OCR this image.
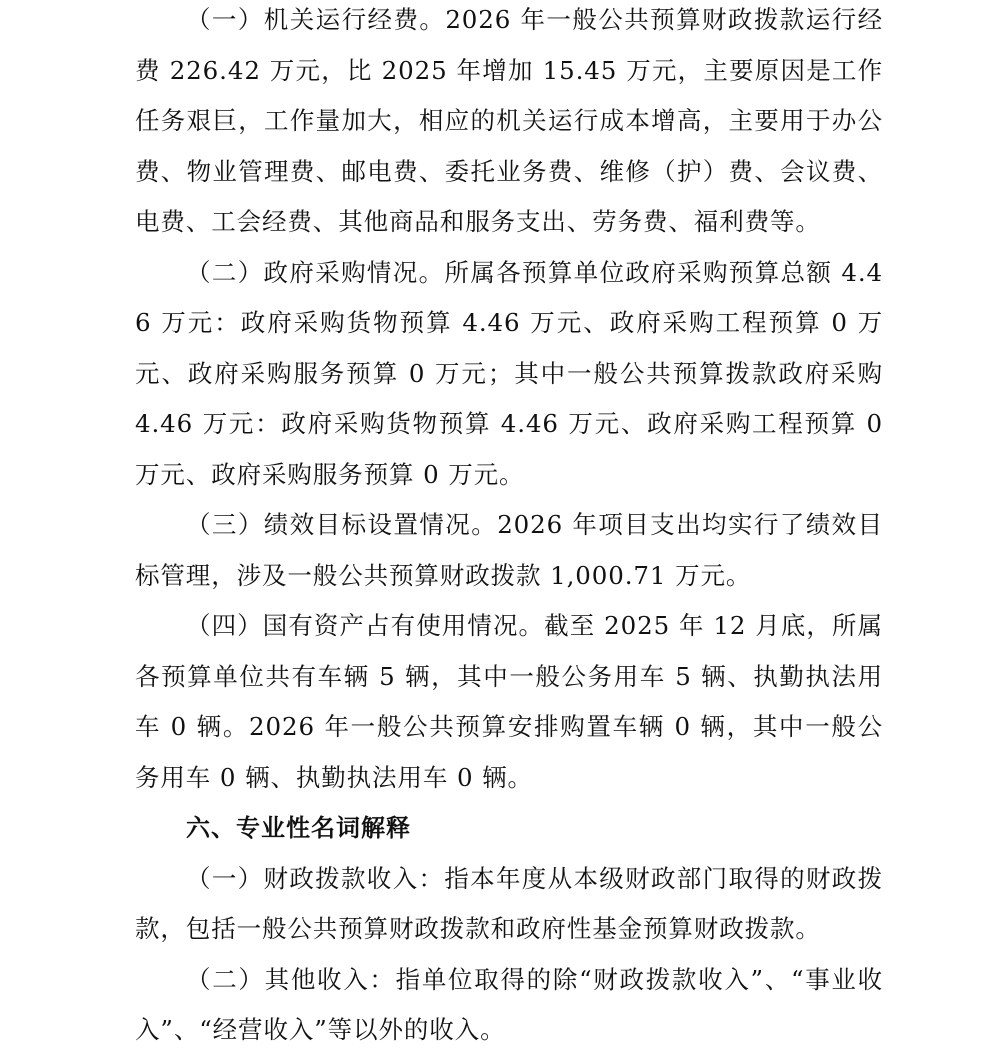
（一）机关运行经费。2026 年一般公共预算财政拨款运行经费 226.42 万元，比 2025 年增加 15.45 万元，主要原因是工作任务艰巨，工作量加大，相应的机关运行成本增高，主要用于办公费、物业管理费、邮电费、委托业务费、维修（护）费、会议费、电费、工会经费、其他商品和服务支出、劳务费、福利费等。

（二）政府采购情况。所属各预算单位政府采购预算总额 4.46 万元：政府采购货物预算 4.46 万元、政府采购工程预算 0 万元、政府采购服务预算 0 万元；其中一般公共预算拨款政府采购 4.46 万元：政府采购货物预算 4.46 万元、政府采购工程预算 0 万元、政府采购服务预算 0 万元。

（三）绩效目标设置情况。2026 年项目支出均实行了绩效目标管理，涉及一般公共预算财政拨款 1,000.71 万元。

（四）国有资产占有使用情况。截至 2025 年 12 月底，所属各预算单位共有车辆 5 辆，其中一般公务用车 5 辆、执勤执法用车 0 辆。2026 年一般公共预算安排购置车辆 0 辆，其中一般公务用车 0 辆、执勤执法用车 0 辆。

六、专业性名词解释

（一）财政拨款收入：指本年度从本级财政部门取得的财政拨款，包括一般公共预算财政拨款和政府性基金预算财政拨款。

（二）其他收入：指单位取得的除“财政拨款收入”、“事业收入”、“经营收入”等以外的收入。
